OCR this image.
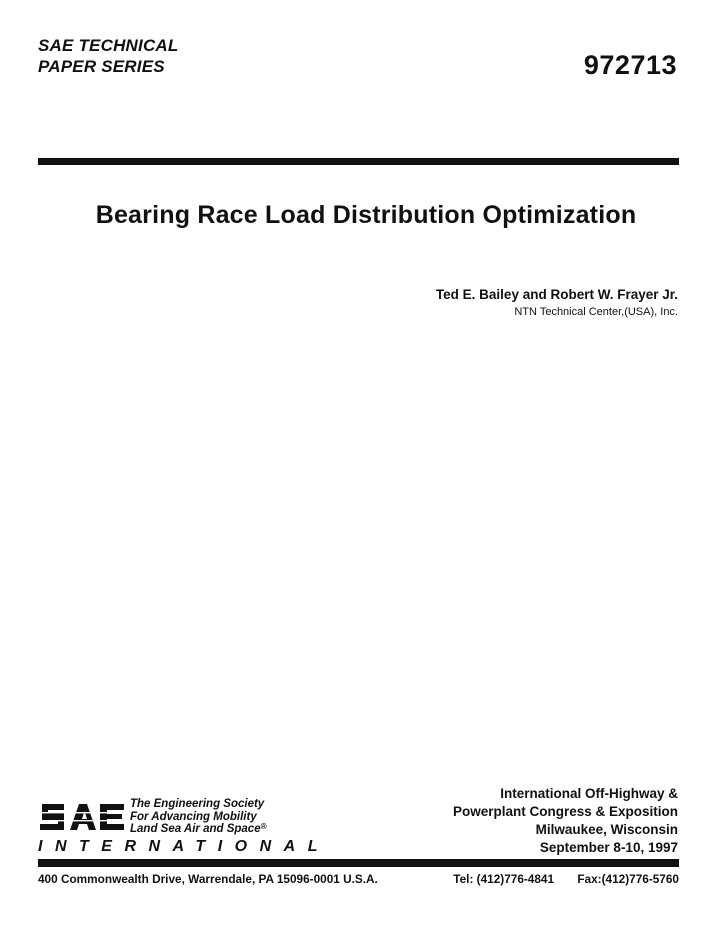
SAE TECHNICAL
PAPER SERIES	972713
Bearing Race Load Distribution Optimization
Ted E. Bailey and Robert W. Frayer Jr.
NTN Technical Center,(USA), Inc.
The Engineering Society
For Advancing Mobility
Land Sea Air and Space®
INTERNATIONAL
International Off-Highway &
Powerplant Congress & Exposition
Milwaukee, Wisconsin
September 8-10, 1997
400 Commonwealth Drive, Warrendale, PA 15096-0001 U.S.A.	Tel: (412)776-4841 Fax:(412)776-5760
